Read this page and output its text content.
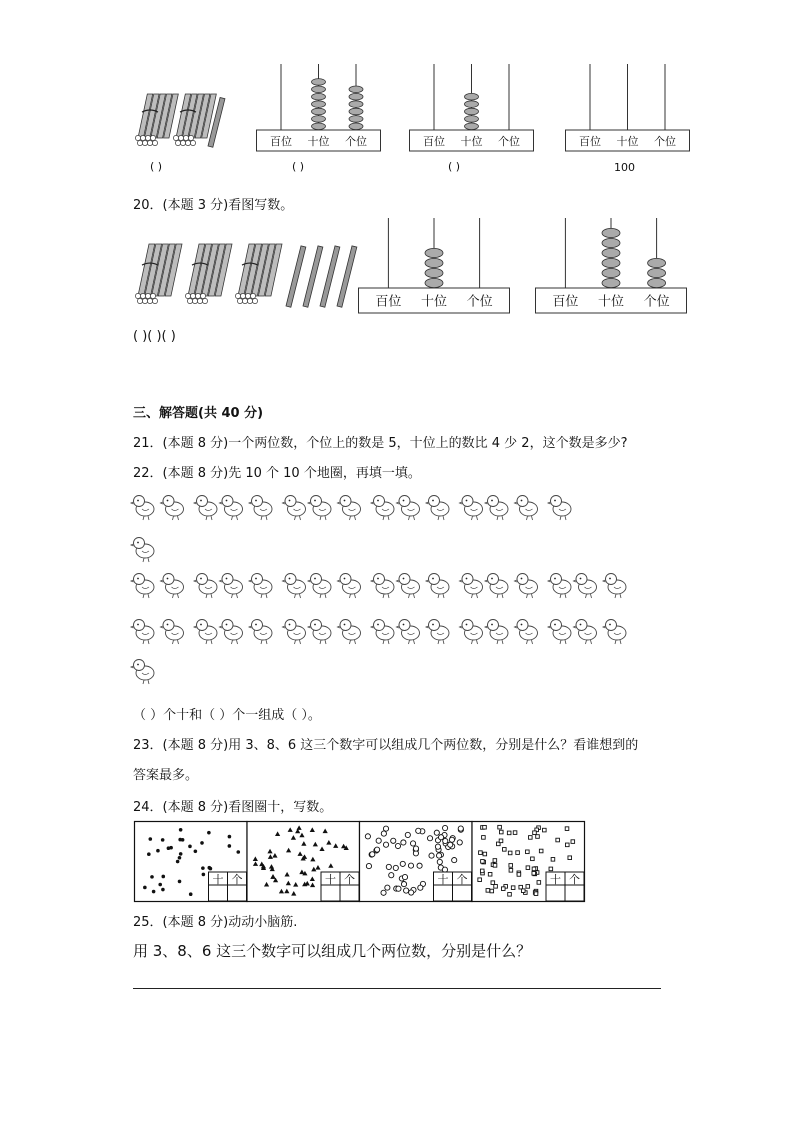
( )
百位 十位 个位
( )
百位 十位 个位
( )
百位 十位 个位
100
20．(本题 3 分)看图写数。
( )( )( )
百位 十位 个位	百位 十位 个位
三、解答题(共 40 分)
21．(本题 8 分)一个两位数，个位上的数是 5，十位上的数比 4 少 2，这个数是多少?
22．(本题 8 分)先 10 个 10 个地圈，再填一填。
（ ）个十和（ ）个一组成（ ）。
23．(本题 8 分)用 3、8、6 这三个数字可以组成几个两位数，分别是什么？看谁想到的
答案最多。
24．(本题 8 分)看图圈十，写数。
十 个	十 个	十 个	十 个
25．(本题 8 分)动动小脑筋.
用 3、8、6 这三个数字可以组成几个两位数，分别是什么？
